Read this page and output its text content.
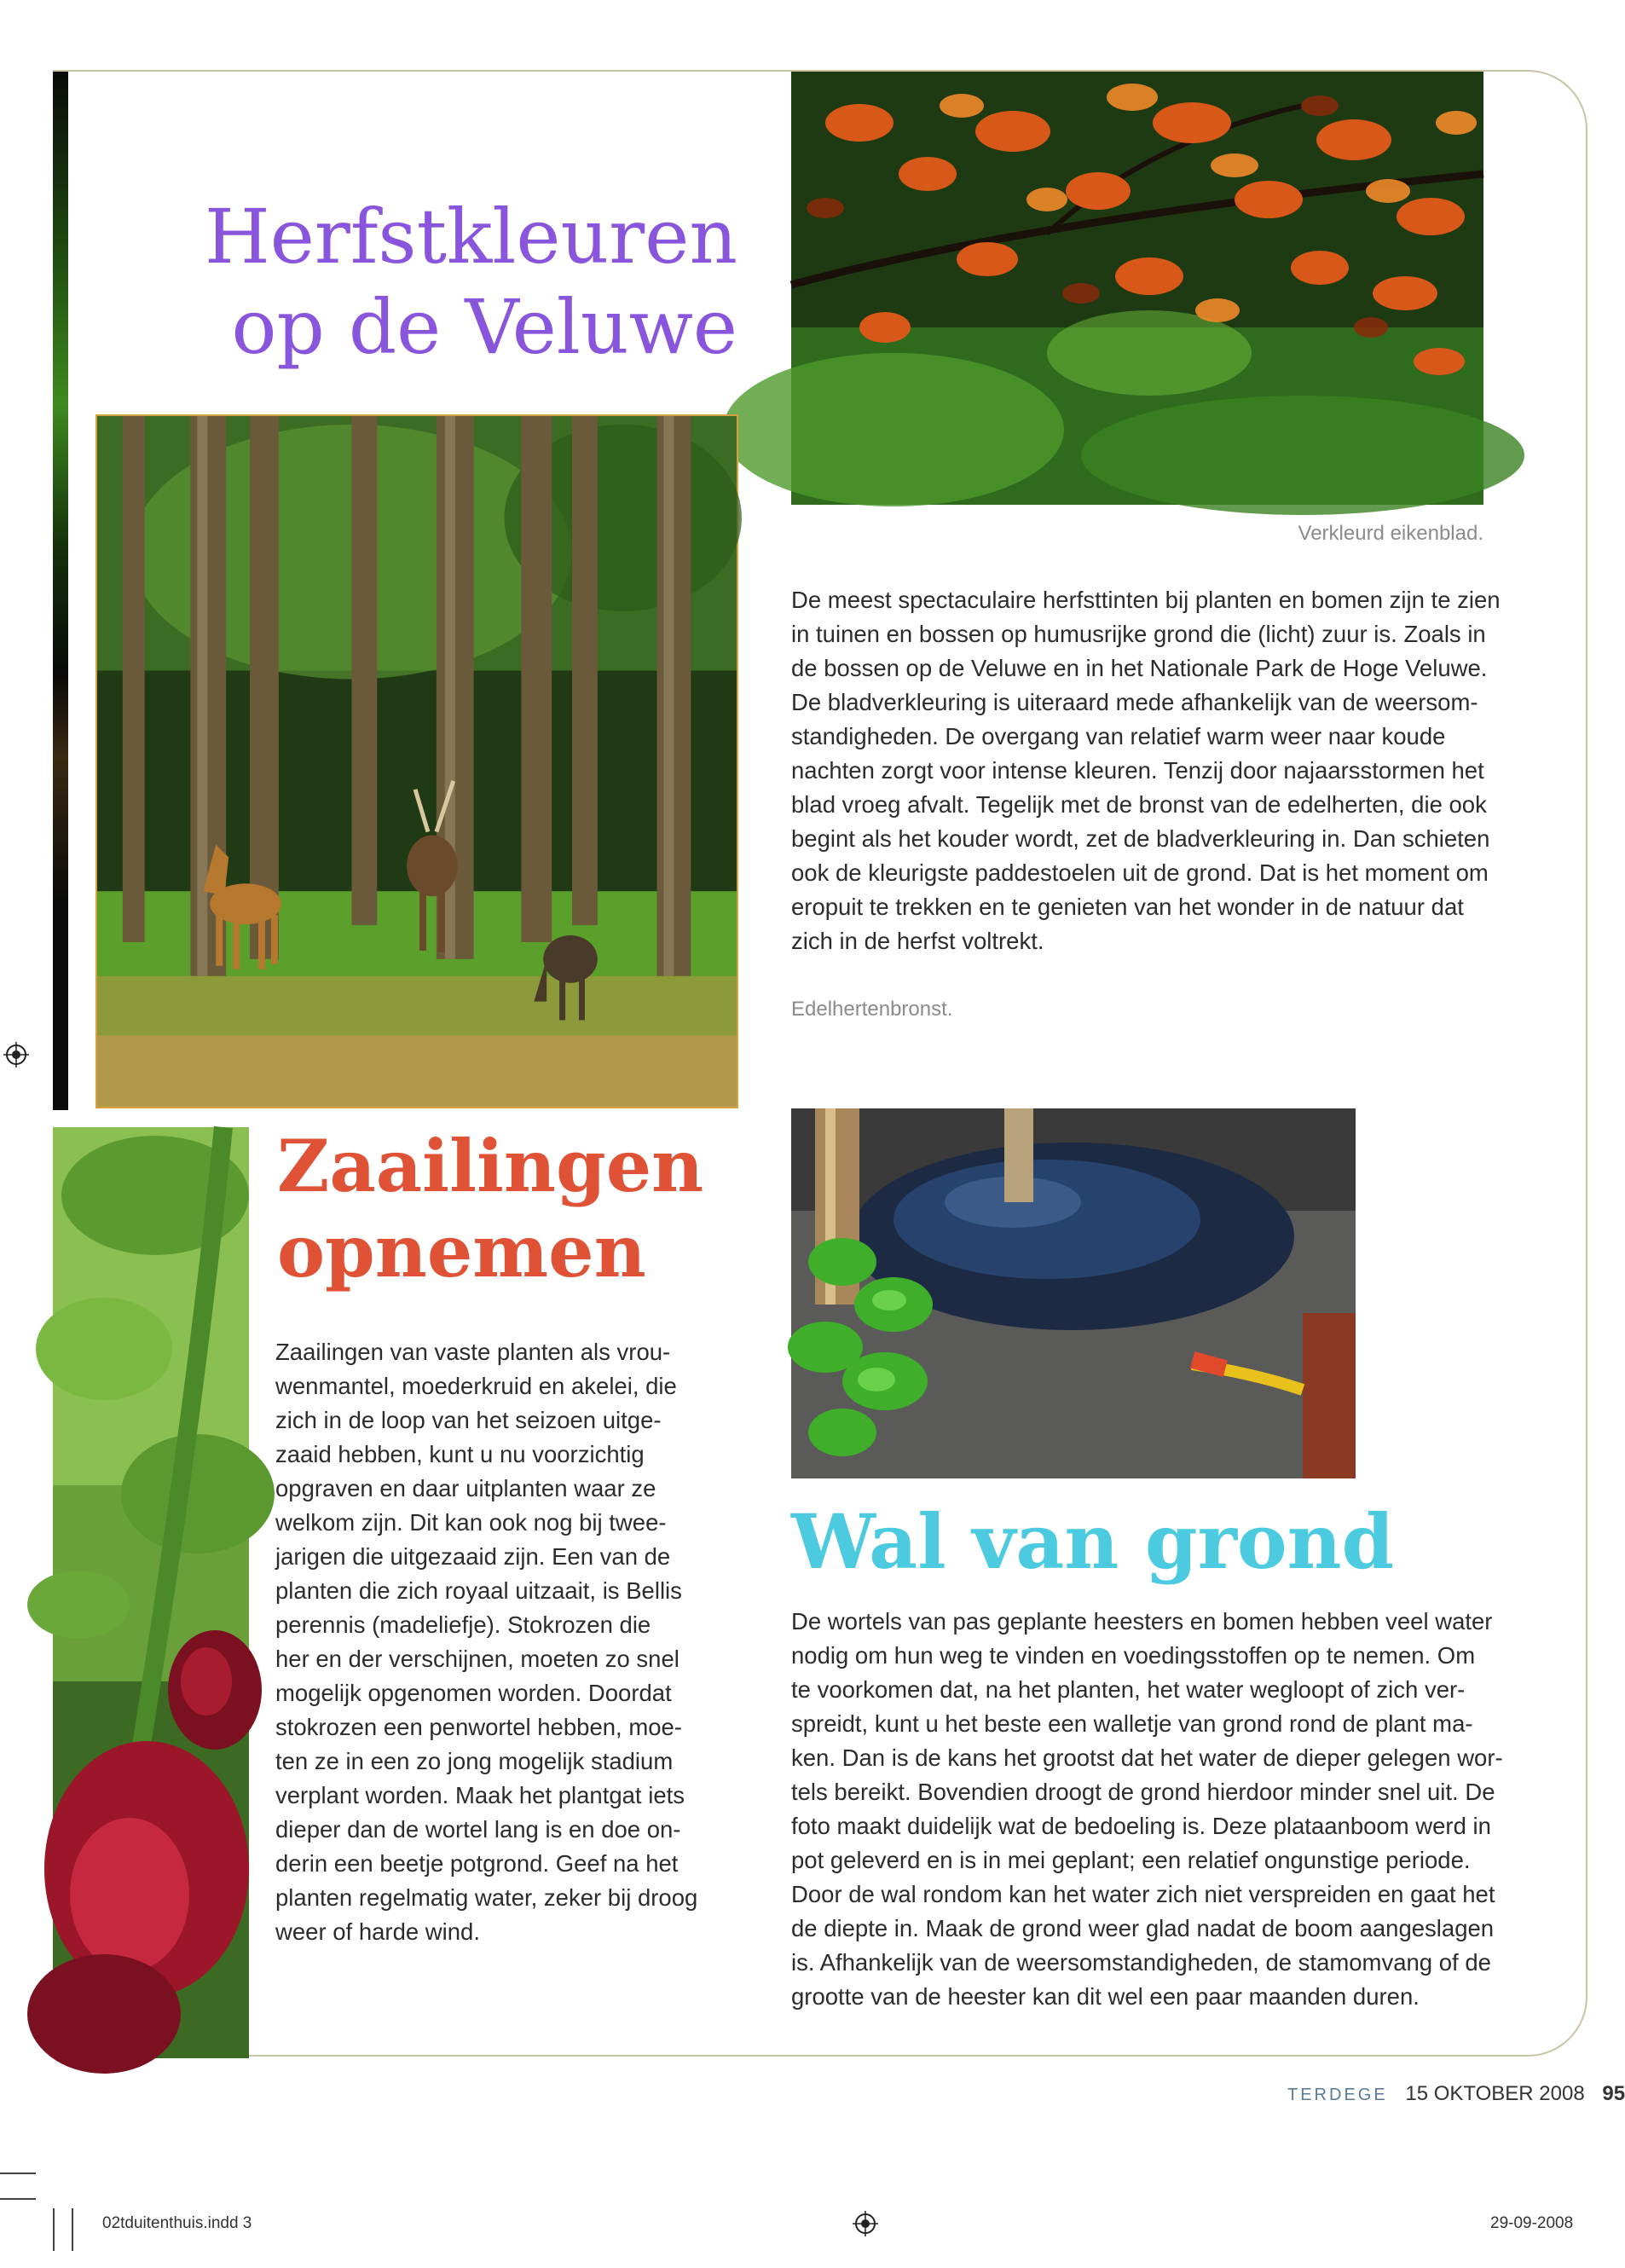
Herfstkleuren
op de Veluwe
Verkleurd eikenblad.

De meest spectaculaire herfsttinten bij planten en bomen zijn te zien

in tuinen en bossen op humusrijke grond die (licht) zuur is. Zoals in

de bossen op de Veluwe en in het Nationale Park de Hoge Veluwe.

De bladverkleuring is uiteraard mede afhankelijk van de weersom-

standigheden. De overgang van relatief warm weer naar koude

nachten zorgt voor intense kleuren. Tenzij door najaarsstormen het

blad vroeg afvalt. Tegelijk met de bronst van de edelherten, die ook

begint als het kouder wordt, zet de bladverkleuring in. Dan schieten

ook de kleurigste paddestoelen uit de grond. Dat is het moment om

eropuit te trekken en te genieten van het wonder in de natuur dat

zich in de herfst voltrekt.

Edelhertenbronst.
Zaailingen
opnemen

Zaailingen van vaste planten als vrou-

wenmantel, moederkruid en akelei, die

zich in de loop van het seizoen uitge-

zaaid hebben, kunt u nu voorzichtig

opgraven en daar uitplanten waar ze

welkom zijn. Dit kan ook nog bij twee-

jarigen die uitgezaaid zijn. Een van de

planten die zich royaal uitzaait, is Bellis

perennis (madeliefje). Stokrozen die

her en der verschijnen, moeten zo snel

mogelijk opgenomen worden. Doordat

stokrozen een penwortel hebben, moe-

ten ze in een zo jong mogelijk stadium

verplant worden. Maak het plantgat iets

dieper dan de wortel lang is en doe on-

derin een beetje potgrond. Geef na het

planten regelmatig water, zeker bij droog

weer of harde wind.

Wal van grond

De wortels van pas geplante heesters en bomen hebben veel water

nodig om hun weg te vinden en voedingsstoffen op te nemen. Om

te voorkomen dat, na het planten, het water wegloopt of zich ver-

spreidt, kunt u het beste een walletje van grond rond de plant ma-

ken. Dan is de kans het grootst dat het water de dieper gelegen wor-

tels bereikt. Bovendien droogt de grond hierdoor minder snel uit. De

foto maakt duidelijk wat de bedoeling is. Deze plataanboom werd in

pot geleverd en is in mei geplant; een relatief ongunstige periode.

Door de wal rondom kan het water zich niet verspreiden en gaat het

de diepte in. Maak de grond weer glad nadat de boom aangeslagen

is. Afhankelijk van de weersomstandigheden, de stamomvang of de

grootte van de heester kan dit wel een paar maanden duren.

TERDEGE 15 OKTOBER 2008 95
02tduitenthuis.indd 3	29-09-2008
